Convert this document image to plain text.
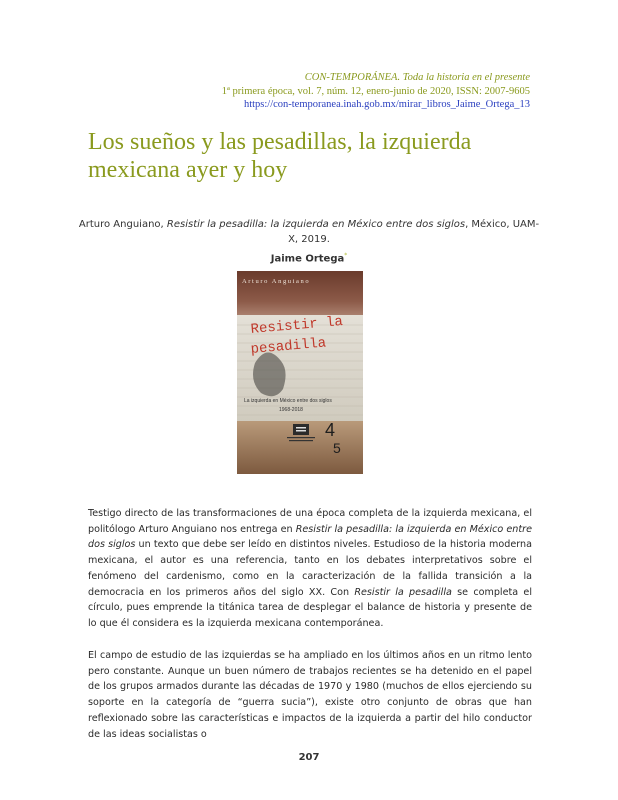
CON-TEMPORÁNEA. Toda la historia en el presente
1ª primera época, vol. 7, núm. 12, enero-junio de 2020, ISSN: 2007-9605
https://con-temporanea.inah.gob.mx/mirar_libros_Jaime_Ortega_13
Los sueños y las pesadillas, la izquierda mexicana ayer y hoy
Arturo Anguiano, Resistir la pesadilla: la izquierda en México entre dos siglos, México, UAM-X, 2019.
Jaime Ortega*
Arturo Anguiano
Resistir la
pesadilla
La izquierda en México entre dos siglos
1968-2018
4
5

Testigo directo de las transformaciones de una época completa de la izquierda mexicana, el politólogo Arturo Anguiano nos entrega en Resistir la pesadilla: la izquierda en México entre dos siglos un texto que debe ser leído en distintos niveles. Estudioso de la historia moderna mexicana, el autor es una referencia, tanto en los debates interpretativos sobre el fenómeno del cardenismo, como en la caracterización de la fallida transición a la democracia en los primeros años del siglo XX. Con Resistir la pesadilla se completa el círculo, pues emprende la titánica tarea de desplegar el balance de historia y presente de lo que él considera es la izquierda mexicana contemporánea.

El campo de estudio de las izquierdas se ha ampliado en los últimos años en un ritmo lento pero constante. Aunque un buen número de trabajos recientes se ha detenido en el papel de los grupos armados durante las décadas de 1970 y 1980 (muchos de ellos ejerciendo su soporte en la categoría de “guerra sucia”), existe otro conjunto de obras que han reflexionado sobre las características e impactos de la izquierda a partir del hilo conductor de las ideas socialistas o

207
